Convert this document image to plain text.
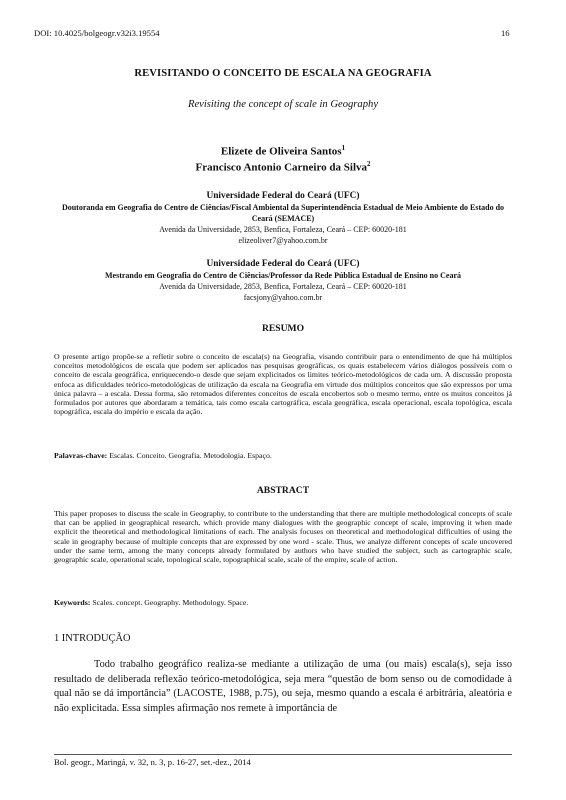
DOI: 10.4025/bolgeogr.v32i3.19554	16
REVISITANDO O CONCEITO DE ESCALA NA GEOGRAFIA
Revisiting the concept of scale in Geography
Elizete de Oliveira Santos$^1$
Francisco Antonio Carneiro da Silva$^2$
Universidade Federal do Ceará (UFC)
Doutoranda em Geografia do Centro de Ciências/Fiscal Ambiental da Superintendência Estadual de Meio Ambiente do Estado do Ceará (SEMACE)
Avenida da Universidade, 2853, Benfica, Fortaleza, Ceará – CEP: 60020-181
elizeoliver7@yahoo.com.br
Universidade Federal do Ceará (UFC)
Mestrando em Geografia do Centro de Ciências/Professor da Rede Pública Estadual de Ensino no Ceará
Avenida da Universidade, 2853, Benfica, Fortaleza, Ceará – CEP: 60020-181
facsjony@yahoo.com.br
RESUMO
O presente artigo propõe-se a refletir sobre o conceito de escala(s) na Geografia, visando contribuir para o entendimento de que há múltiplos conceitos metodológicos de escala que podem ser aplicados nas pesquisas geográficas, os quais estabelecem vários diálogos possíveis com o conceito de escala geográfica, enriquecendo-o desde que sejam explicitados os limites teórico-metodológicos de cada um. A discussão proposta enfoca as dificuldades teórico-metodológicas de utilização da escala na Geografia em virtude dos múltiplos conceitos que são expressos por uma única palavra – a escala. Dessa forma, são retomados diferentes conceitos de escala encobertos sob o mesmo termo, entre os muitos conceitos já formulados por autores que abordaram a temática, tais como escala cartográfica, escala geográfica, escala operacional, escala topológica, escala topográfica, escala do império e escala da ação.
Palavras-chave: Escalas. Conceito. Geografia. Metodologia. Espaço.
ABSTRACT
This paper proposes to discuss the scale in Geography, to contribute to the understanding that there are multiple methodological concepts of scale that can be applied in geographical research, which provide many dialogues with the geographic concept of scale, improving it when made explicit the theoretical and methodological limitations of each. The analysis focuses on theoretical and methodological difficulties of using the scale in geography because of multiple concepts that are expressed by one word - scale. Thus, we analyze different concepts of scale uncovered under the same term, among the many concepts already formulated by authors who have studied the subject, such as cartographic scale, geographic scale, operational scale, topological scale, topographical scale, scale of the empire, scale of action.
Keywords: Scales. concept. Geography. Methodology. Space.
1 INTRODUÇÃO
Todo trabalho geográfico realiza-se mediante a utilização de uma (ou mais) escala(s), seja isso resultado de deliberada reflexão teórico-metodológica, seja mera “questão de bom senso ou de comodidade à qual não se dá importância” (LACOSTE, 1988, p.75), ou seja, mesmo quando a escala é arbitrária, aleatória e não explicitada. Essa simples afirmação nos remete à importância de
Bol. geogr., Maringá, v. 32, n. 3, p. 16-27, set.-dez., 2014
